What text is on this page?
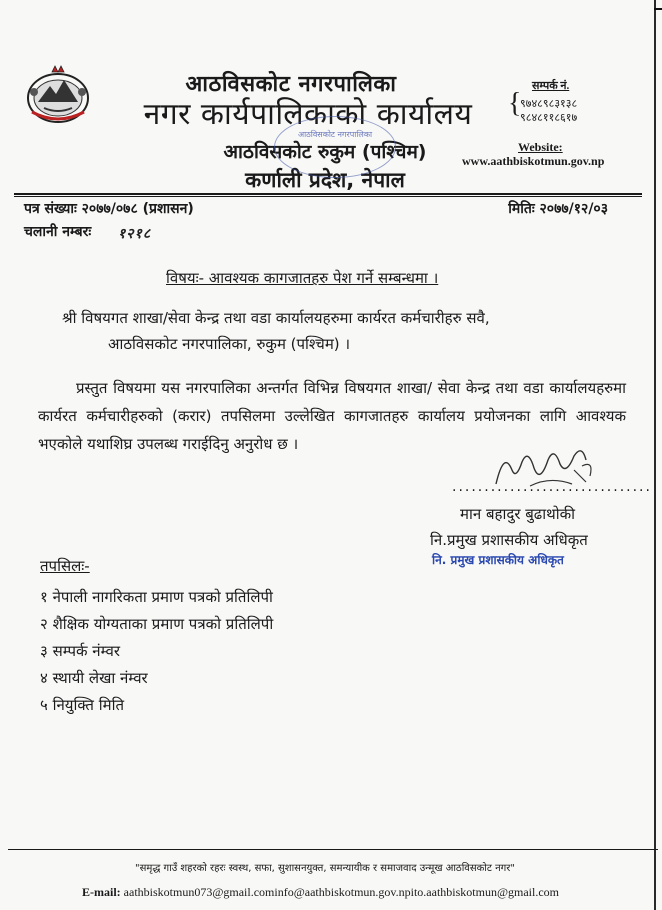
आठविसकोट नगरपालिका
नगर कार्यपालिकाको कार्यालय
आठविसकोट रुकुम (पश्चिम)
कर्णाली प्रदेश, नेपाल
आठविसकोट नगरपालिका
सम्पर्क नं.
{
९७४८९८३१३८
९८४८११८६१७
Website:
www.aathbiskotmun.gov.np
पत्र संख्याः २०७७/०७८ (प्रशासन)	मितिः २०७७/१२/०३
चलानी नम्बरः १२१८
विषयः- आवश्यक कागजातहरु पेश गर्ने सम्बन्धमा ।
श्री विषयगत शाखा/सेवा केन्द्र तथा वडा कार्यालयहरुमा कार्यरत कर्मचारीहरु सवै,
आठविसकोट नगरपालिका, रुकुम (पश्चिम) ।
प्रस्तुत विषयमा यस नगरपालिका अन्तर्गत विभिन्न विषयगत शाखा/ सेवा केन्द्र तथा वडा कार्यालयहरुमा कार्यरत कर्मचारीहरुको (करार) तपसिलमा उल्लेखित कागजातहरु कार्यालय प्रयोजनका लागि आवश्यक भएकोले यथाशिघ्र उपलब्ध गराईदिनु अनुरोध छ ।
...............................
मान बहादुर बुढाथोकी
नि.प्रमुख प्रशासकीय अधिकृत
नि. प्रमुख प्रशासकीय अधिकृत
तपसिलः-
१ नेपाली नागरिकता प्रमाण पत्रको प्रतिलिपी
२ शैक्षिक योग्यताका प्रमाण पत्रको प्रतिलिपी
३ सम्पर्क नंम्वर
४ स्थायी लेखा नंम्वर
५ नियुक्ति मिति
"समृद्ध गाउँ शहरको रहरः स्वस्थ, सफा, सुशासनयुक्त, समन्यायीक र समाजवाद उन्मूख आठविसकोट नगर"
E-mail: aathbiskotmun073@gmail.cominfo@aathbiskotmun.gov.npito.aathbiskotmun@gmail.com
